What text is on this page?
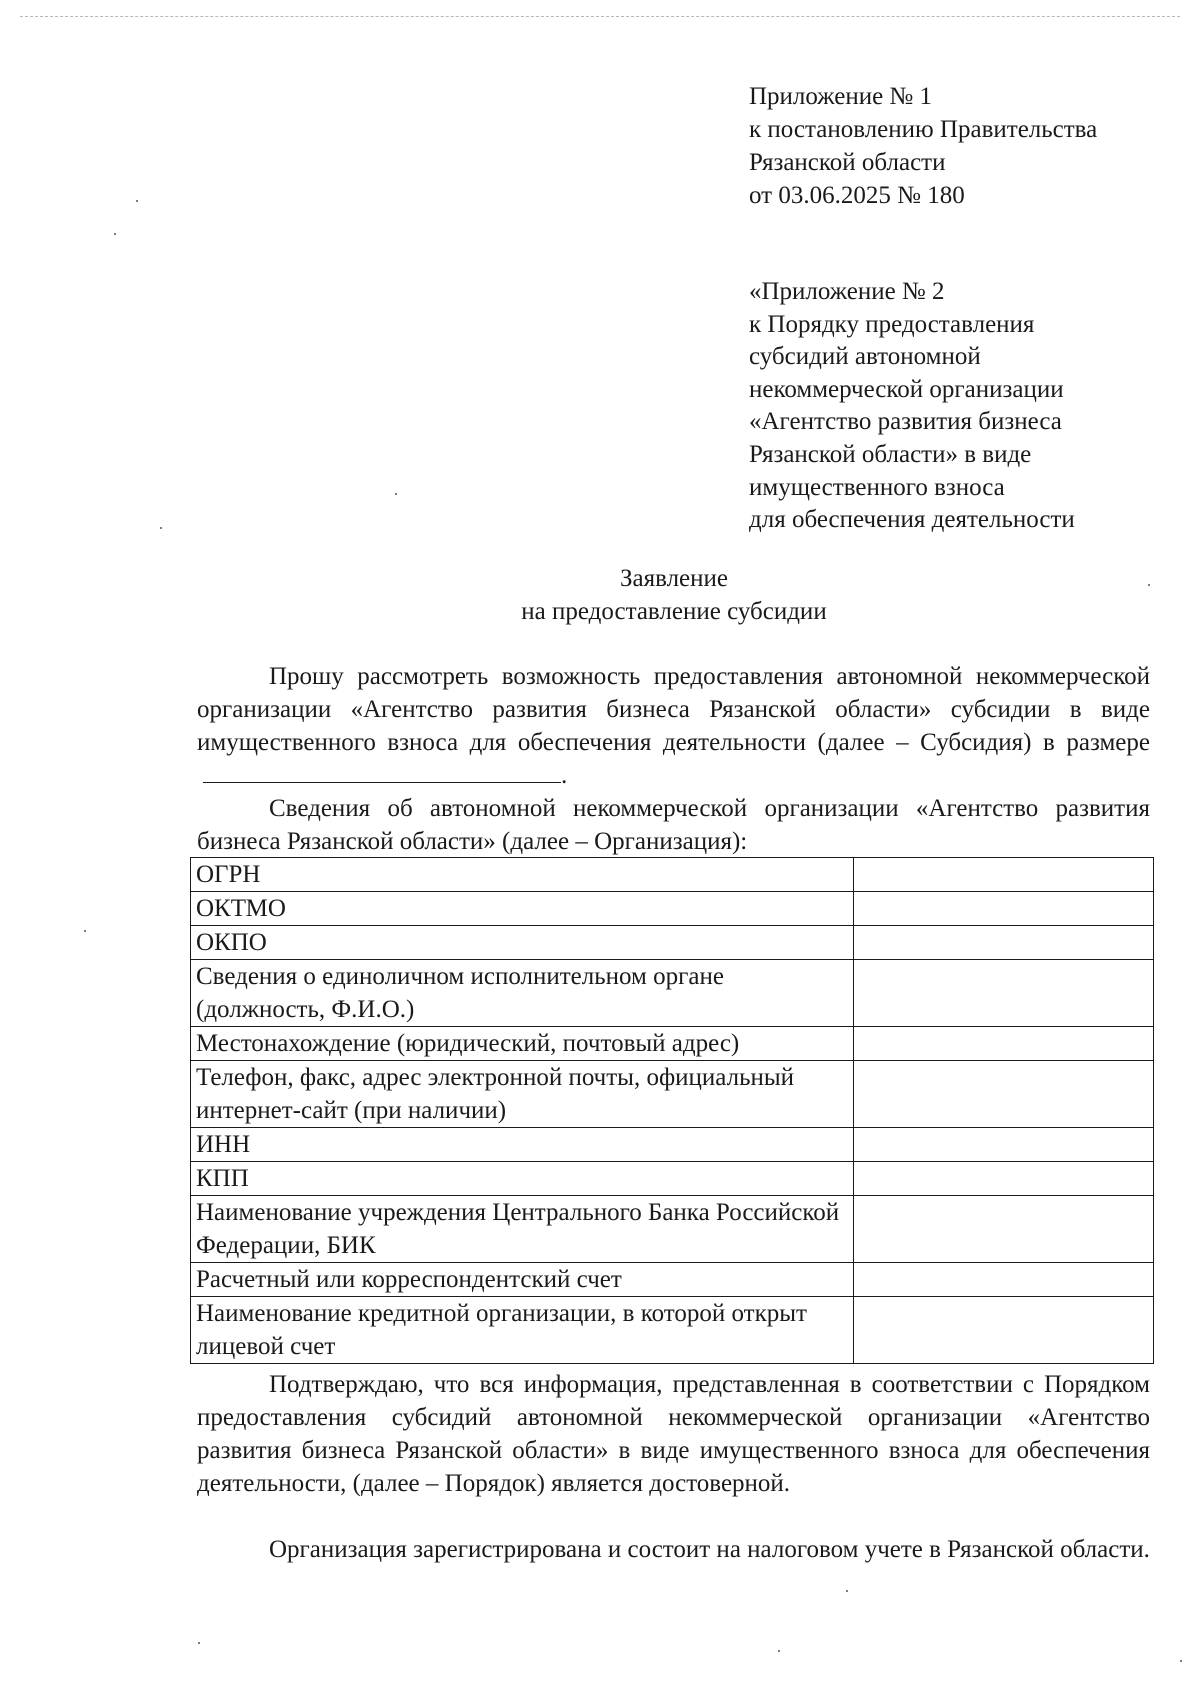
Приложение № 1
к постановлению Правительства
Рязанской области
от 03.06.2025 № 180
«Приложение № 2
к Порядку предоставления
субсидий автономной
некоммерческой организации
«Агентство развития бизнеса
Рязанской области» в виде
имущественного взноса
для обеспечения деятельности
Заявление
на предоставление субсидии

Прошу рассмотреть возможность предоставления автономной некоммерческой организации «Агентство развития бизнеса Рязанской области» субсидии в виде имущественного взноса для обеспечения деятельности (далее – Субсидия) в размере.

Сведения об автономной некоммерческой организации «Агентство развития бизнеса Рязанской области» (далее – Организация):

ОГРН	
ОКТМО	
ОКПО	
Сведения о единоличном исполнительном органе (должность, Ф.И.О.)	
Местонахождение (юридический, почтовый адрес)	
Телефон, факс, адрес электронной почты, официальный интернет-сайт (при наличии)	
ИНН	
КПП	
Наименование учреждения Центрального Банка Российской Федерации, БИК	
Расчетный или корреспондентский счет	
Наименование кредитной организации, в которой открыт лицевой счет	

Подтверждаю, что вся информация, представленная в соответствии с Порядком предоставления субсидий автономной некоммерческой организации «Агентство развития бизнеса Рязанской области» в виде имущественного взноса для обеспечения деятельности, (далее – Порядок) является достоверной.

Организация зарегистрирована и состоит на налоговом учете в Рязанской области.
